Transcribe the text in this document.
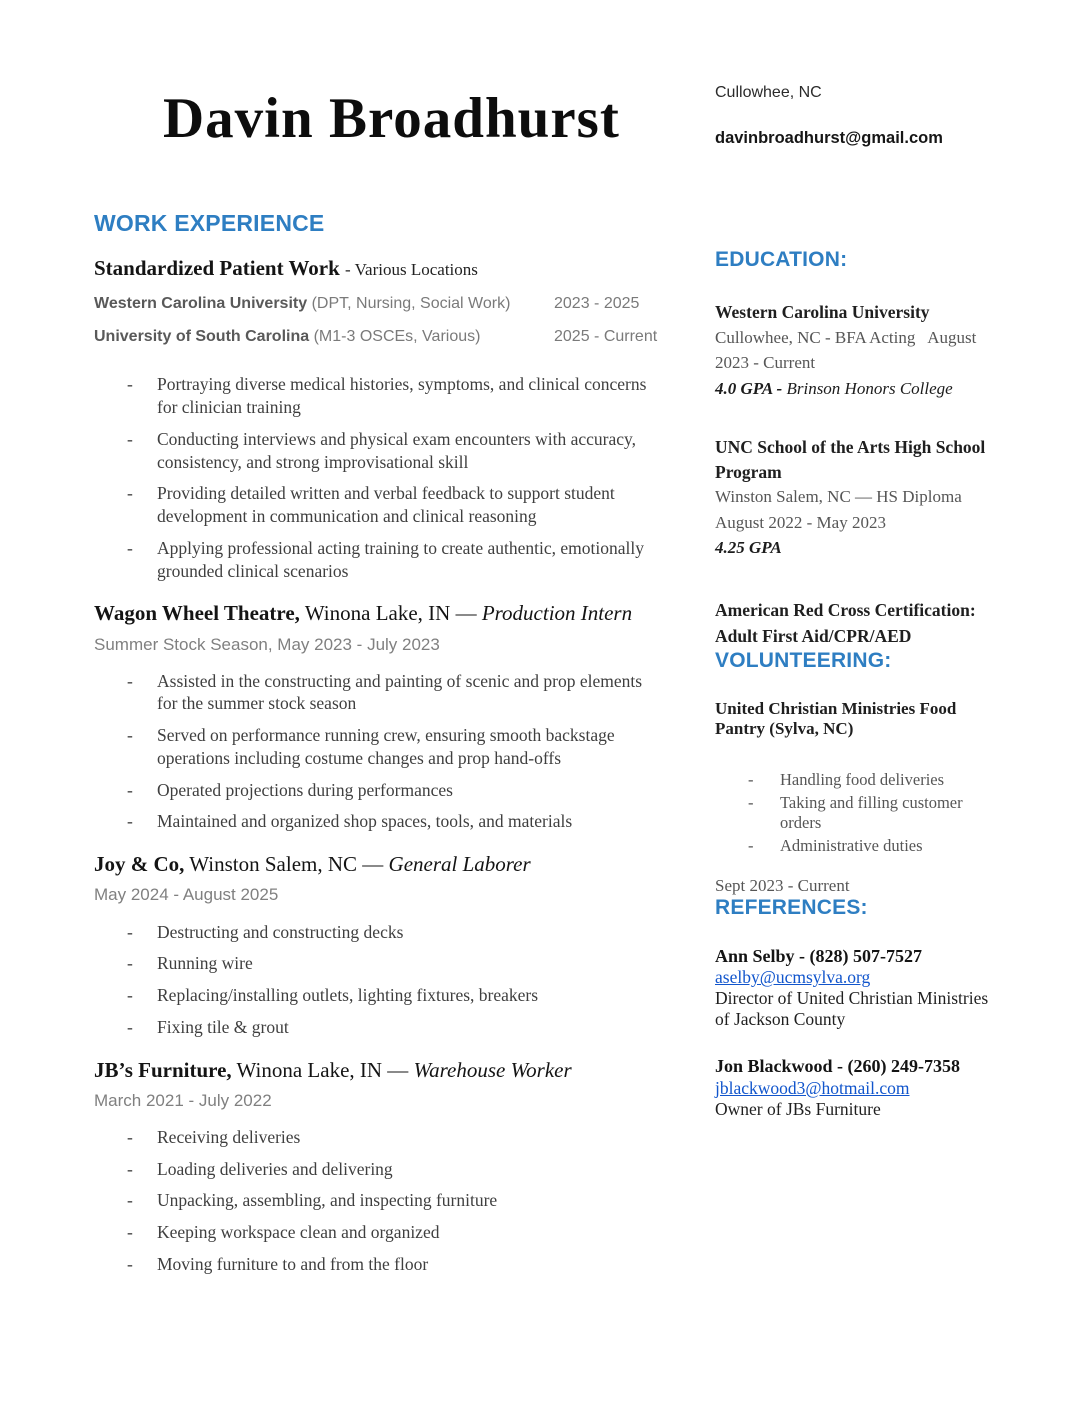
Davin Broadhurst	Cullowhee, NC
davinbroadhurst@gmail.com
WORK EXPERIENCE
Standardized Patient Work - Various Locations
Western Carolina University (DPT, Nursing, Social Work)	2023 - 2025
University of South Carolina (M1-3 OSCEs, Various)	2025 - Current
- Portraying diverse medical histories, symptoms, and clinical concerns for clinician training
- Conducting interviews and physical exam encounters with accuracy, consistency, and strong improvisational skill
- Providing detailed written and verbal feedback to support student development in communication and clinical reasoning
- Applying professional acting training to create authentic, emotionally grounded clinical scenarios
Wagon Wheel Theatre, Winona Lake, IN — Production Intern
Summer Stock Season, May 2023 - July 2023
- Assisted in the constructing and painting of scenic and prop elements for the summer stock season
- Served on performance running crew, ensuring smooth backstage operations including costume changes and prop hand-offs
- Operated projections during performances
- Maintained and organized shop spaces, tools, and materials
Joy & Co, Winston Salem, NC — General Laborer
May 2024 - August 2025
- Destructing and constructing decks
- Running wire
- Replacing/installing outlets, lighting fixtures, breakers
- Fixing tile & grout
JB’s Furniture, Winona Lake, IN — Warehouse Worker
March 2021 - July 2022
- Receiving deliveries
- Loading deliveries and delivering
- Unpacking, assembling, and inspecting furniture
- Keeping workspace clean and organized
- Moving furniture to and from the floor
EDUCATION:
Western Carolina University
Cullowhee, NC - BFA Acting   August 2023 - Current
4.0 GPA - Brinson Honors College
UNC School of the Arts High School Program
Winston Salem, NC — HS Diploma
August 2022 - May 2023
4.25 GPA
American Red Cross Certification: Adult First Aid/CPR/AED
VOLUNTEERING:
United Christian Ministries Food Pantry (Sylva, NC)
- Handling food deliveries
- Taking and filling customer orders
- Administrative duties
Sept 2023 - Current
REFERENCES:
Ann Selby - (828) 507-7527
aselby@ucmsylva.org
Director of United Christian Ministries of Jackson County
Jon Blackwood - (260) 249-7358
jblackwood3@hotmail.com
Owner of JBs Furniture
